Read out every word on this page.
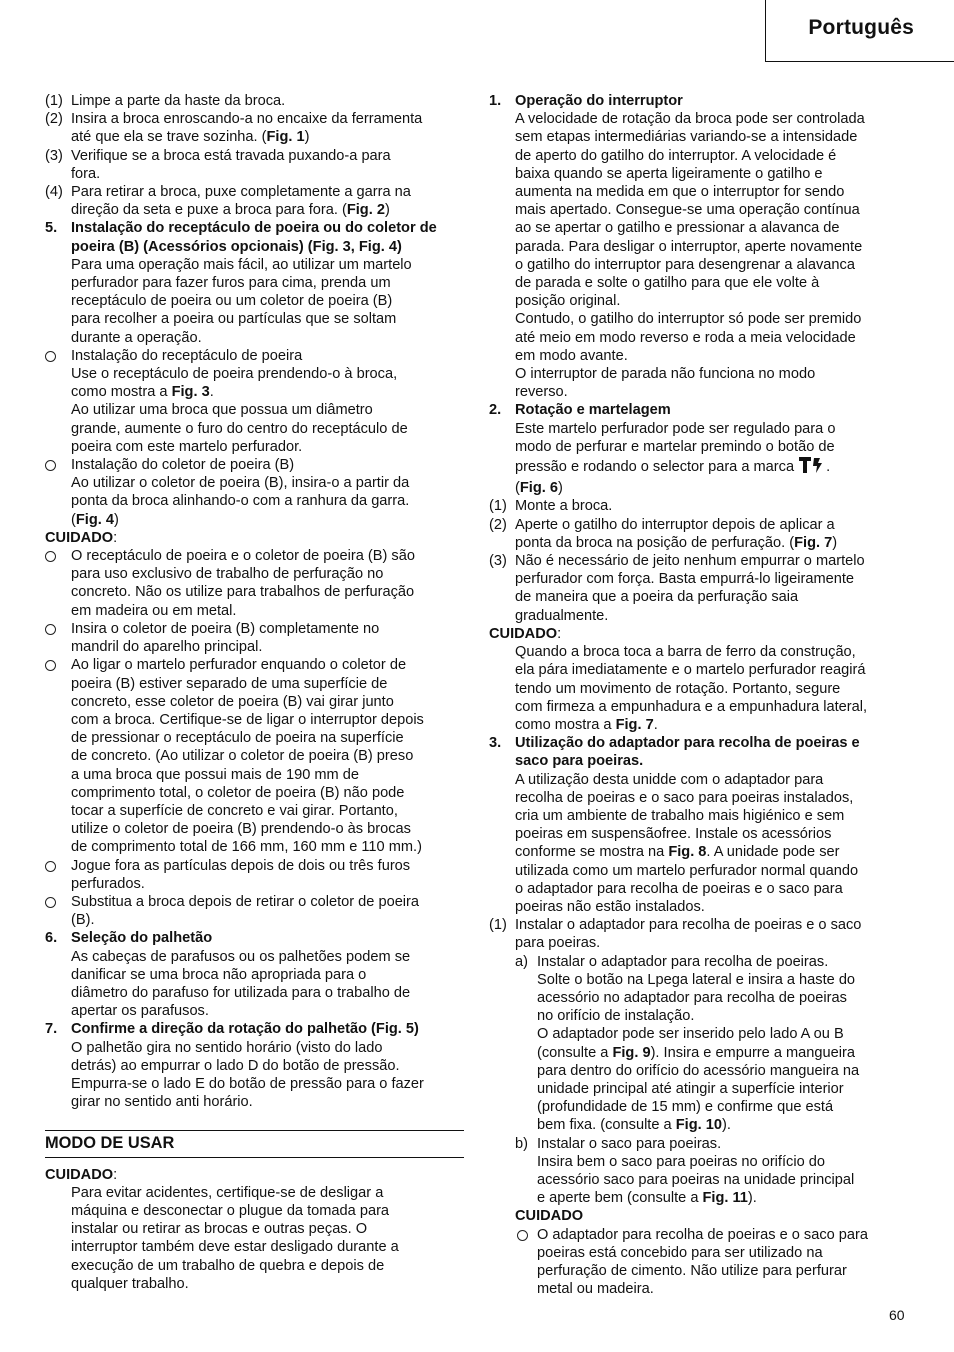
Português
(1) Limpe a parte da haste da broca.
(2) Insira a broca enroscando-a no encaixe da ferramenta
até que ela se trave sozinha. (Fig. 1)
(3) Verifique se a broca está travada puxando-a para
fora.
(4) Para retirar a broca, puxe completamente a garra na
direção da seta e puxe a broca para fora. (Fig. 2)
5. Instalação do receptáculo de poeira ou do coletor de
poeira (B) (Acessórios opcionais) (Fig. 3, Fig. 4)
Para uma operação mais fácil, ao utilizar um martelo
perfurador para fazer furos para cima, prenda um
receptáculo de poeira ou um coletor de poeira (B)
para recolher a poeira ou partículas que se soltam
durante a operação.
Instalação do receptáculo de poeira
Use o receptáculo de poeira prendendo-o à broca,
como mostra a Fig. 3.
Ao utilizar uma broca que possua um diâmetro
grande, aumente o furo do centro do receptáculo de
poeira com este martelo perfurador.
Instalação do coletor de poeira (B)
Ao utilizar o coletor de poeira (B), insira-o a partir da
ponta da broca alinhando-o com a ranhura da garra.
(Fig. 4)
CUIDADO:
O receptáculo de poeira e o coletor de poeira (B) são
para uso exclusivo de trabalho de perfuração no
concreto. Não os utilize para trabalhos de perfuração
em madeira ou em metal.
Insira o coletor de poeira (B) completamente no
mandril do aparelho principal.
Ao ligar o martelo perfurador enquando o coletor de
poeira (B) estiver separado de uma superfície de
concreto, esse coletor de poeira (B) vai girar junto
com a broca. Certifique-se de ligar o interruptor depois
de pressionar o receptáculo de poeira na superfície
de concreto. (Ao utilizar o coletor de poeira (B) preso
a uma broca que possui mais de 190 mm de
comprimento total, o coletor de poeira (B) não pode
tocar a superfície de concreto e vai girar. Portanto,
utilize o coletor de poeira (B) prendendo-o às brocas
de comprimento total de 166 mm, 160 mm e 110 mm.)
Jogue fora as partículas depois de dois ou três furos
perfurados.
Substitua a broca depois de retirar o coletor de poeira
(B).
6. Seleção do palhetão
As cabeças de parafusos ou os palhetões podem se
danificar se uma broca não apropriada para o
diâmetro do parafuso for utilizada para o trabalho de
apertar os parafusos.
7. Confirme a direção da rotação do palhetão (Fig. 5)
O palhetão gira no sentido horário (visto do lado
detrás) ao empurrar o lado D do botão de pressão.
Empurra-se o lado E do botão de pressão para o fazer
girar no sentido anti horário.
MODO DE USAR
CUIDADO:
Para evitar acidentes, certifique-se de desligar a
máquina e desconectar o plugue da tomada para
instalar ou retirar as brocas e outras peças. O
interruptor também deve estar desligado durante a
execução de um trabalho de quebra e depois de
qualquer trabalho.
1. Operação do interruptor
A velocidade de rotação da broca pode ser controlada
sem etapas intermediárias variando-se a intensidade
de aperto do gatilho do interruptor. A velocidade é
baixa quando se aperta ligeiramente o gatilho e
aumenta na medida em que o interruptor for sendo
mais apertado. Consegue-se uma operação contínua
ao se apertar o gatilho e pressionar a alavanca de
parada. Para desligar o interruptor, aperte novamente
o gatilho do interruptor para desengrenar a alavanca
de parada e solte o gatilho para que ele volte à
posição original.
Contudo, o gatilho do interruptor só pode ser premido
até meio em modo reverso e roda a meia velocidade
em modo avante.
O interruptor de parada não funciona no modo
reverso.
2. Rotação e martelagem
Este martelo perfurador pode ser regulado para o
modo de perfurar e martelar premindo o botão de
pressão e rodando o selector para a marca .
(Fig. 6)
(1) Monte a broca.
(2) Aperte o gatilho do interruptor depois de aplicar a
ponta da broca na posição de perfuração. (Fig. 7)
(3) Não é necessário de jeito nenhum empurrar o martelo
perfurador com força. Basta empurrá-lo ligeiramente
de maneira que a poeira da perfuração saia
gradualmente.
CUIDADO:
Quando a broca toca a barra de ferro da construção,
ela pára imediatamente e o martelo perfurador reagirá
tendo um movimento de rotação. Portanto, segure
com firmeza a empunhadura e a empunhadura lateral,
como mostra a Fig. 7.
3. Utilização do adaptador para recolha de poeiras e
saco para poeiras.
A utilização desta unidde com o adaptador para
recolha de poeiras e o saco para poeiras instalados,
cria um ambiente de trabalho mais higiénico e sem
poeiras em suspensãofree. Instale os acessórios
conforme se mostra na Fig. 8. A unidade pode ser
utilizada como um martelo perfurador normal quando
o adaptador para recolha de poeiras e o saco para
poeiras não estão instalados.
(1) Instalar o adaptador para recolha de poeiras e o saco
para poeiras.
a) Instalar o adaptador para recolha de poeiras.
Solte o botão na Lpega lateral e insira a haste do
acessório no adaptador para recolha de poeiras
no orifício de instalação.
O adaptador pode ser inserido pelo lado A ou B
(consulte a Fig. 9). Insira e empurre a mangueira
para dentro do orifício do acessório mangueira na
unidade principal até atingir a superfície interior
(profundidade de 15 mm) e confirme que está
bem fixa. (consulte a Fig. 10).
b) Instalar o saco para poeiras.
Insira bem o saco para poeiras no orifício do
acessório saco para poeiras na unidade principal
e aperte bem (consulte a Fig. 11).
CUIDADO
O adaptador para recolha de poeiras e o saco para
poeiras está concebido para ser utilizado na
perfuração de cimento. Não utilize para perfurar
metal ou madeira.
60
